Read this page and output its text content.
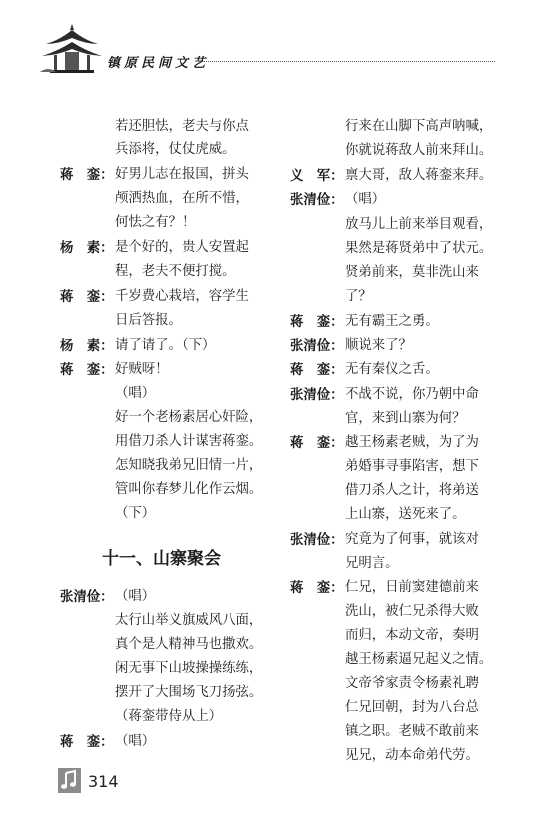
镇原民间文艺
若还胆怯，老夫与你点
兵添将，仗仗虎威。
蒋　銮： 好男儿志在报国，拼头
颅洒热血，在所不惜，
何怯之有？！
杨　素： 是个好的，贵人安置起
程，老夫不便打搅。
蒋　銮： 千岁费心栽培，容学生
日后答报。
杨　素： 请了请了。（下）
蒋　銮： 好贼呀！
（唱）
好一个老杨素居心奸险，
用借刀杀人计谋害蒋銮。
怎知晓我弟兄旧情一片，
管叫你春梦儿化作云烟。
（下）
张清俭： （唱）
太行山举义旗威风八面，
真个是人精神马也撒欢。
闲无事下山坡操操练练，
摆开了大围场飞刀扬弦。
（蒋銮带侍从上）
蒋　銮： （唱）
十一、山寨聚会
行来在山脚下高声呐喊，
你就说蒋敌人前来拜山。
义　军： 禀大哥，敌人蒋銮来拜。
张清俭： （唱）
放马儿上前来举目观看，
果然是蒋贤弟中了状元。
贤弟前来，莫非洗山来
了？
蒋　銮： 无有霸王之勇。
张清俭： 顺说来了？
蒋　銮： 无有秦仪之舌。
张清俭： 不战不说，你乃朝中命
官，来到山寨为何？
蒋　銮： 越王杨素老贼，为了为
弟婚事寻事陷害，想下
借刀杀人之计，将弟送
上山寨，送死来了。
张清俭： 究竟为了何事，就该对
兄明言。
蒋　銮： 仁兄，日前窦建德前来
洗山，被仁兄杀得大败
而归，本动文帝，奏明
越王杨素逼兄起义之情。
文帝爷家责令杨素礼聘
仁兄回朝，封为八台总
镇之职。老贼不敢前来
见兄，动本命弟代劳。
314
